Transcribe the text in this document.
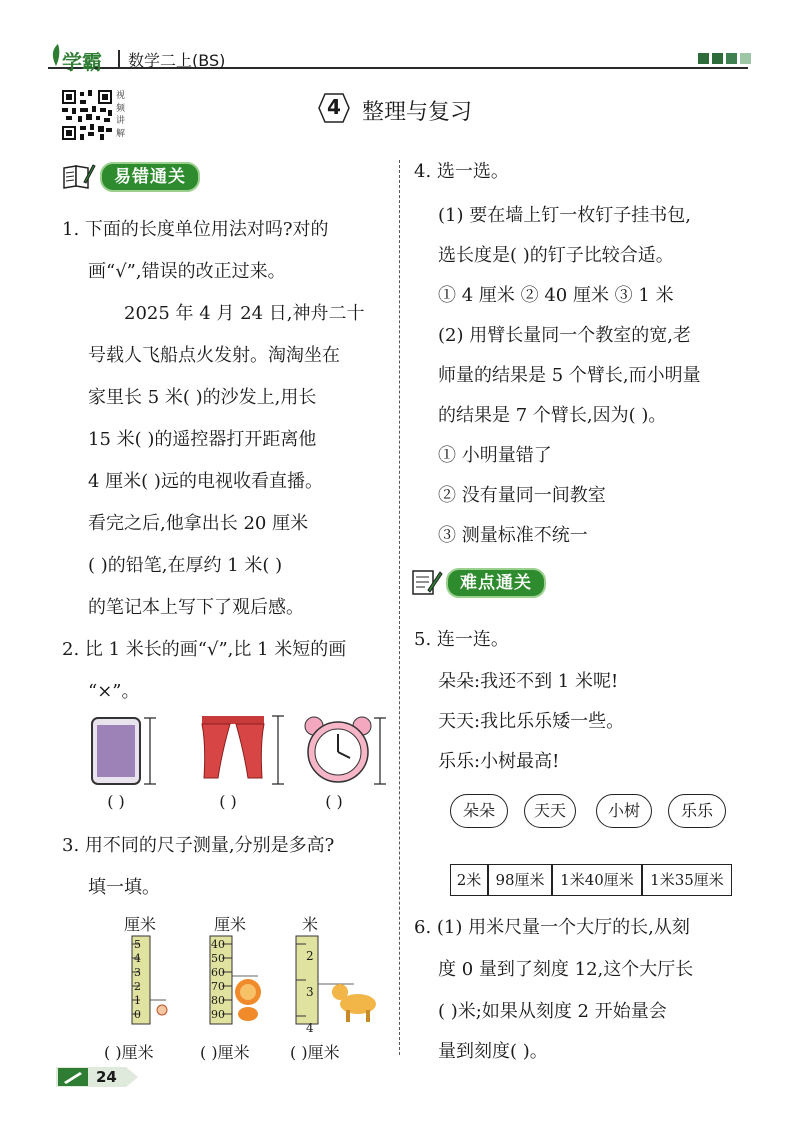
学霸 数学二上(BS)
视频讲解
4 整理与复习
易错通关
1. 下面的长度单位用法对吗?对的
画“√”,错误的改正过来。
2025 年 4 月 24 日,神舟二十
号载人飞船点火发射。淘淘坐在
家里长 5 米( )的沙发上,用长
15 米( )的遥控器打开距离他
4 厘米( )远的电视收看直播。
看完之后,他拿出长 20 厘米
( )的铅笔,在厚约 1 米( )
的笔记本上写下了观后感。
2. 比 1 米长的画“√”,比 1 米短的画
“×”。
( )	( )	( )
3. 用不同的尺子测量,分别是多高?
填一填。
厘米	厘米	米
5
4
3
2
1
0
40
50
60
70
80
90
2
3
4
( )厘米	( )厘米	( )厘米
4. 选一选。
(1) 要在墙上钉一枚钉子挂书包,
选长度是( )的钉子比较合适。
① 4 厘米 ② 40 厘米 ③ 1 米
(2) 用臂长量同一个教室的宽,老
师量的结果是 5 个臂长,而小明量
的结果是 7 个臂长,因为( )。
① 小明量错了
② 没有量同一间教室
③ 测量标准不统一
难点通关
5. 连一连。
朵朵:我还不到 1 米呢!
天天:我比乐乐矮一些。
乐乐:小树最高!
朵朵	天天	小树	乐乐
2米 98厘米	1米40厘米	1米35厘米
6. (1) 用米尺量一个大厅的长,从刻
度 0 量到了刻度 12,这个大厅长
( )米;如果从刻度 2 开始量会
量到刻度( )。
24
